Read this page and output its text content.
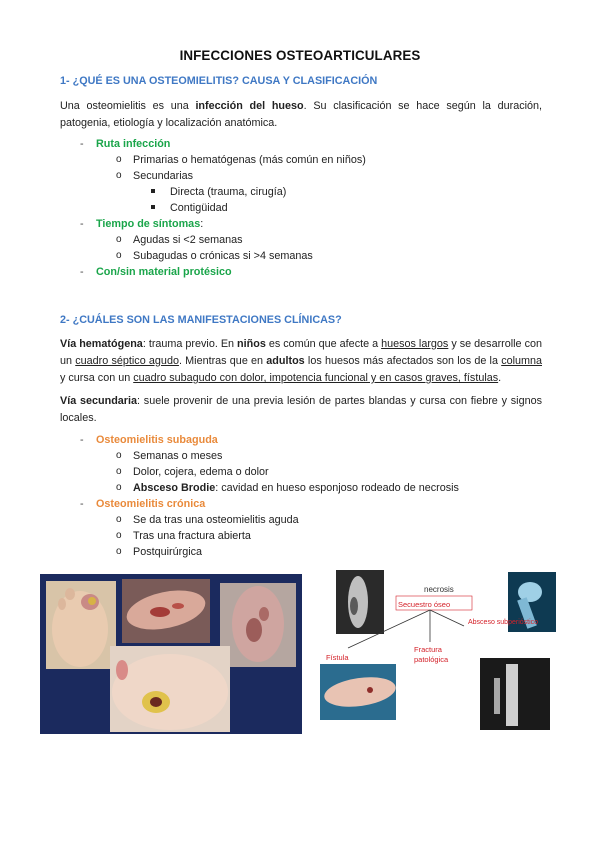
INFECCIONES OSTEOARTICULARES
1- ¿QUÉ ES UNA OSTEOMIELITIS? CAUSA Y CLASIFICACIÓN
Una osteomielitis es una infección del hueso. Su clasificación se hace según la duración, patogenia, etiología y localización anatómica.
- Ruta infección
o Primarias o hematógenas (más común en niños)
o Secundarias
Directa (trauma, cirugía)
Contigüidad
- Tiempo de síntomas:
o Agudas si <2 semanas
o Subagudas o crónicas si >4 semanas
- Con/sin material protésico
2- ¿CUÁLES SON LAS MANIFESTACIONES CLÍNICAS?
Vía hematógena: trauma previo. En niños es común que afecte a huesos largos y se desarrolle con un cuadro séptico agudo. Mientras que en adultos los huesos más afectados son los de la columna y cursa con un cuadro subagudo con dolor, impotencia funcional y en casos graves, fístulas.
Vía secundaria: suele provenir de una previa lesión de partes blandas y cursa con fiebre y signos locales.
- Osteomielitis subaguda
o Semanas o meses
o Dolor, cojera, edema o dolor
o Absceso Brodie: cavidad en hueso esponjoso rodeado de necrosis
- Osteomielitis crónica
o Se da tras una osteomielitis aguda
o Tras una fractura abierta
o Postquirúrgica
necrosis
Secuestro óseo
Absceso subperióstico
Fístula
Fractura
patológica
